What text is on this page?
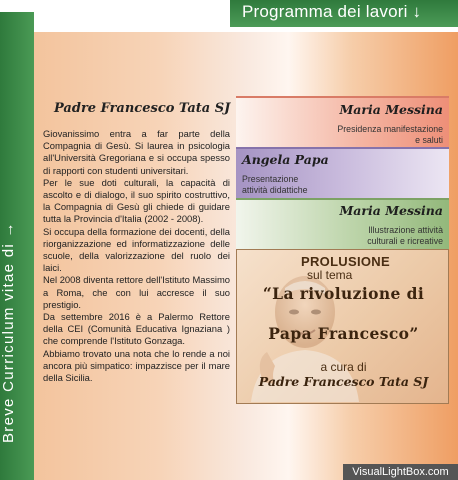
Programma dei lavori ↓
Breve Curriculum vitae di →
Padre Francesco Tata SJ

Giovanissimo entra a far parte della Compagnia di Gesù. Si laurea in psicologia all'Università Gregoriana e si occupa spesso di rapporti con studenti universitari.

Per le sue doti culturali, la capacità di ascolto e di dialogo, il suo spirito costruttivo, la Compagnia di Gesù gli chiede di guidare tutta la Provincia d'Italia (2002 - 2008).

Si occupa della formazione dei docenti, della riorganizzazione ed informatizzazione delle scuole, della valorizzazione del ruolo dei laici.

Nel 2008 diventa rettore dell'Istituto Massimo a Roma, che con lui accresce il suo prestigio.

Da settembre 2016 è a Palermo Rettore della CEI (Comunità Educativa Ignaziana ) che comprende l'Istituto Gonzaga.

Abbiamo trovato una nota che lo rende a noi ancora più simpatico: impazzisce per il mare della Sicilia.

Maria Messina
Presidenza manifestazione
e saluti
Angela Papa
Presentazione
attività didattiche
Maria Messina
Illustrazione attività
culturali e ricreative
PROLUSIONE
sul tema
“La rivoluzione di
Papa Francesco”
a cura di
Padre Francesco Tata SJ
VisualLightBox.com
